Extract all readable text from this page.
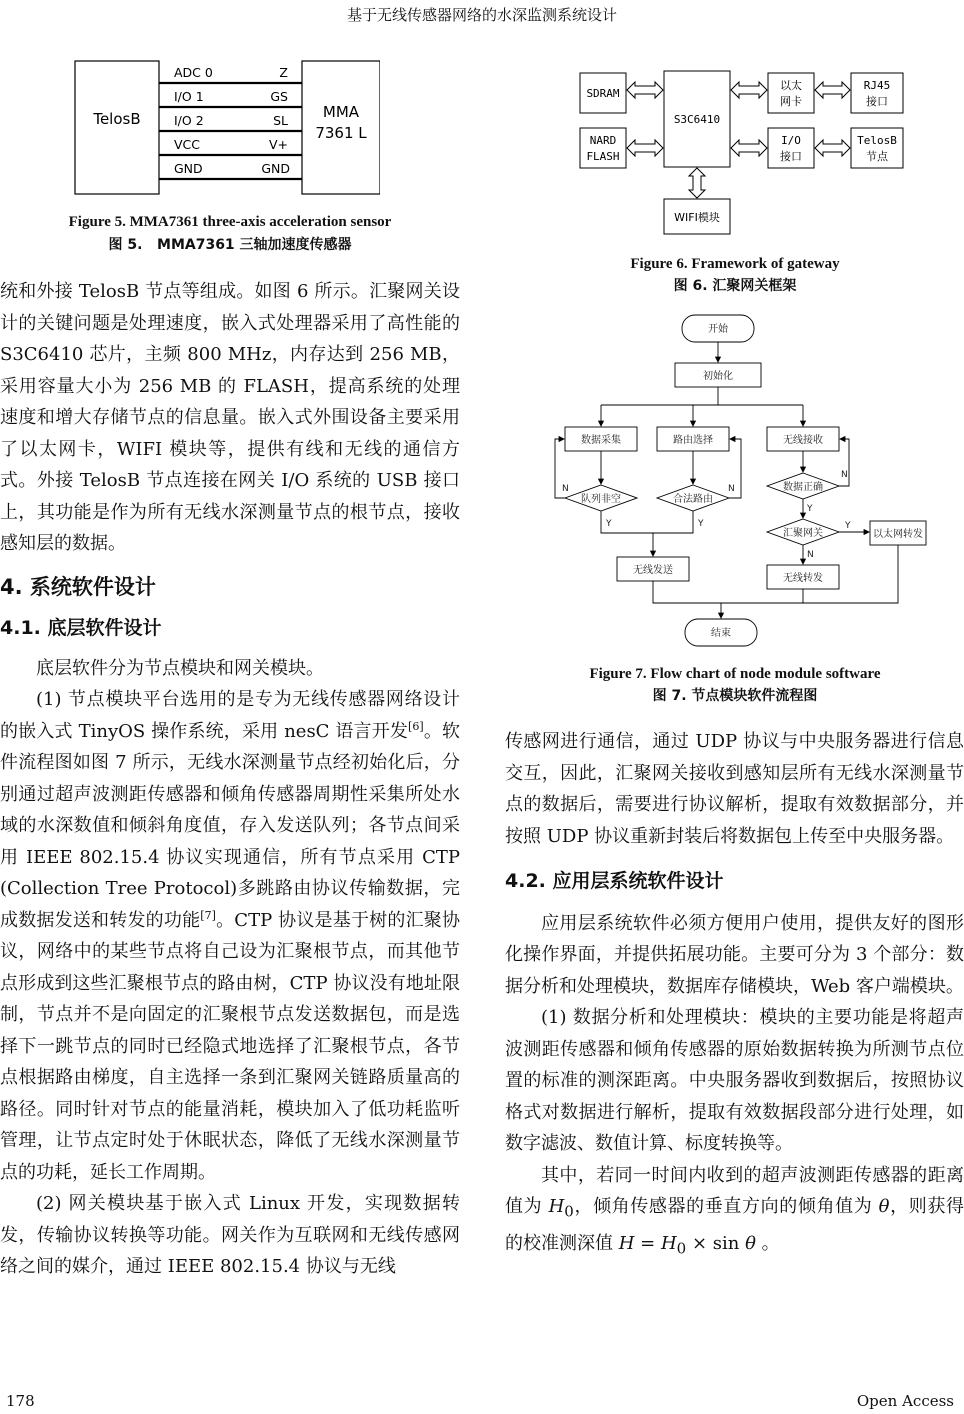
基于无线传感器网络的水深监测系统设计
TelosB	MMA
7361 L
ADC 0
I/O 1
I/O 2
VCC
GND
Z
GS
SL
V+
GND
Figure 5. MMA7361 three-axis acceleration sensor
图 5.   MMA7361 三轴加速度传感器
SDRAM
NARD
FLASH
S3C6410
以太
网卡
I/O
接口
RJ45
接口
TelosB
节点
WIFI模块
Figure 6. Framework of gateway
图 6. 汇聚网关框架
开始
初始化
数据采集	路由选择	无线接收
队列非空	合法路由
数据正确
汇聚网关	以太网转发
无线发送
无线转发
结束
N
Y
N
Y
N
Y
Y
N
Figure 7. Flow chart of node module software
图 7. 节点模块软件流程图

统和外接 TelosB 节点等组成。如图 6 所示。汇聚网关设计的关键问题是处理速度，嵌入式处理器采用了高性能的 S3C6410 芯片，主频 800 MHz，内存达到 256 MB，采用容量大小为 256 MB 的 FLASH，提高系统的处理速度和增大存储节点的信息量。嵌入式外围设备主要采用了以太网卡，WIFI 模块等，提供有线和无线的通信方式。外接 TelosB 节点连接在网关 I/O 系统的 USB 接口上，其功能是作为所有无线水深测量节点的根节点，接收感知层的数据。

4. 系统软件设计
4.1. 底层软件设计

底层软件分为节点模块和网关模块。

(1) 节点模块平台选用的是专为无线传感器网络设计的嵌入式 TinyOS 操作系统，采用 nesC 语言开发[6]。软件流程图如图 7 所示，无线水深测量节点经初始化后，分别通过超声波测距传感器和倾角传感器周期性采集所处水域的水深数值和倾斜角度值，存入发送队列；各节点间采用 IEEE 802.15.4 协议实现通信，所有节点采用 CTP (Collection Tree Protocol)多跳路由协议传输数据，完成数据发送和转发的功能[7]。CTP 协议是基于树的汇聚协议，网络中的某些节点将自己设为汇聚根节点，而其他节点形成到这些汇聚根节点的路由树，CTP 协议没有地址限制，节点并不是向固定的汇聚根节点发送数据包，而是选择下一跳节点的同时已经隐式地选择了汇聚根节点，各节点根据路由梯度，自主选择一条到汇聚网关链路质量高的路径。同时针对节点的能量消耗，模块加入了低功耗监听管理，让节点定时处于休眠状态，降低了无线水深测量节点的功耗，延长工作周期。

(2) 网关模块基于嵌入式 Linux 开发，实现数据转发，传输协议转换等功能。网关作为互联网和无线传感网络之间的媒介，通过 IEEE 802.15.4 协议与无线

传感网进行通信，通过 UDP 协议与中央服务器进行信息交互，因此，汇聚网关接收到感知层所有无线水深测量节点的数据后，需要进行协议解析，提取有效数据部分，并按照 UDP 协议重新封装后将数据包上传至中央服务器。

4.2. 应用层系统软件设计

应用层系统软件必须方便用户使用，提供友好的图形化操作界面，并提供拓展功能。主要可分为 3 个部分：数据分析和处理模块，数据库存储模块，Web 客户端模块。

(1) 数据分析和处理模块：模块的主要功能是将超声波测距传感器和倾角传感器的原始数据转换为所测节点位置的标准的测深距离。中央服务器收到数据后，按照协议格式对数据进行解析，提取有效数据段部分进行处理，如数字滤波、数值计算、标度转换等。

其中，若同一时间内收到的超声波测距传感器的距离值为 $H_0$，倾角传感器的垂直方向的倾角值为 θ，则获得的校准测深值 $H = H_0 \times \sin \theta$ 。

178	Open Access
